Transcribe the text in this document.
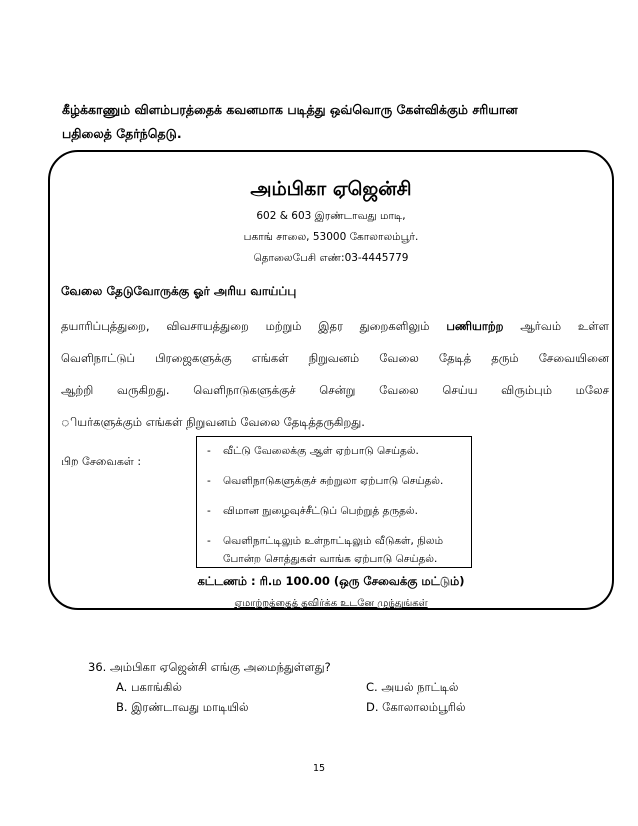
கீழ்க்காணும் விளம்பரத்தைக் கவனமாக படித்து ஒவ்வொரு கேள்விக்கும் சரியான
பதிலைத் தேர்ந்தெடு.
அம்பிகா ஏஜென்சி
602 & 603 இரண்டாவது மாடி,
பகாங் சாலை, 53000 கோலாலம்பூர்.
தொலைபேசி எண்:03-4445779
வேலை தேடுவோருக்கு ஓர் அரிய வாய்ப்பு
தயாரிப்புத்துறை, விவசாயத்துறை மற்றும் இதர துறைகளிலும் பணியாற்ற ஆர்வம் உள்ள
வெளிநாட்டுப் பிரஜைகளுக்கு எங்கள் நிறுவனம் வேலை தேடித் தரும் சேவையினை
ஆற்றி வருகிறது. வெளிநாடுகளுக்குச் சென்று வேலை செய்ய விரும்பும் மலேச
ியர்களுக்கும் எங்கள் நிறுவனம் வேலை தேடித்தருகிறது.
பிற சேவைகள் :
- வீட்டு வேலைக்கு ஆள் ஏற்பாடு செய்தல்.
- வெளிநாடுகளுக்குச் சுற்றுலா ஏற்பாடு செய்தல்.
- விமான நுழைவுச்சீட்டுப் பெற்றுத் தருதல்.
- வெளிநாட்டிலும் உள்நாட்டிலும் வீடுகள், நிலம்
போன்ற சொத்துகள் வாங்க ஏற்பாடு செய்தல்.
கட்டணம் : ரி.ம 100.00 (ஒரு சேவைக்கு மட்டும்)
ஏமாற்றத்தைத் தவிர்க்க உடனே முந்துங்கள்
36. அம்பிகா ஏஜென்சி எங்கு அமைந்துள்ளது?
A. பகாங்கில்	C. அயல் நாட்டில்
B. இரண்டாவது மாடியில்	D. கோலாலம்பூரில்
15
